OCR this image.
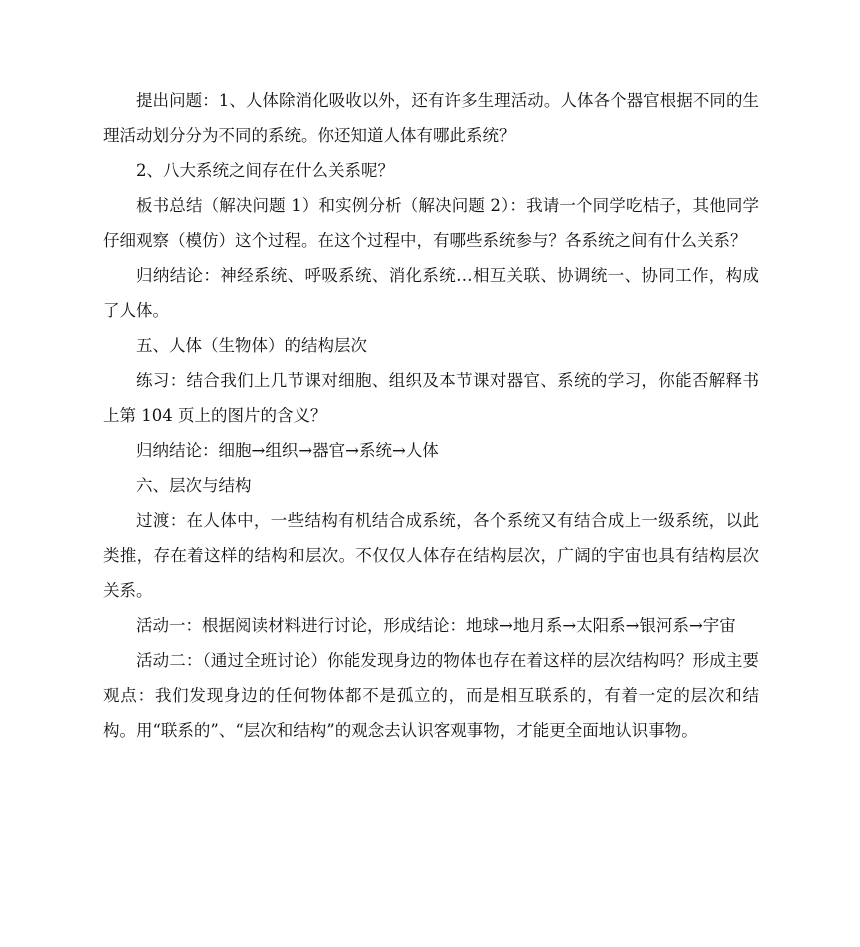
提出问题：1、人体除消化吸收以外，还有许多生理活动。人体各个器官根据不同的生理活动划分分为不同的系统。你还知道人体有哪此系统？

2、八大系统之间存在什么关系呢？

板书总结（解决问题 1）和实例分析（解决问题 2）：我请一个同学吃桔子，其他同学仔细观察（模仿）这个过程。在这个过程中，有哪些系统参与？各系统之间有什么关系？

归纳结论：神经系统、呼吸系统、消化系统…相互关联、协调统一、协同工作，构成了人体。

五、人体（生物体）的结构层次

练习：结合我们上几节课对细胞、组织及本节课对器官、系统的学习，你能否解释书上第 104 页上的图片的含义？

归纳结论：细胞→组织→器官→系统→人体

六、层次与结构

过渡：在人体中，一些结构有机结合成系统，各个系统又有结合成上一级系统，以此类推，存在着这样的结构和层次。不仅仅人体存在结构层次，广阔的宇宙也具有结构层次关系。

活动一：根据阅读材料进行讨论，形成结论：地球→地月系→太阳系→银河系→宇宙

活动二：（通过全班讨论）你能发现身边的物体也存在着这样的层次结构吗？形成主要观点：我们发现身边的任何物体都不是孤立的，而是相互联系的，有着一定的层次和结构。用“联系的”、“层次和结构”的观念去认识客观事物，才能更全面地认识事物。
